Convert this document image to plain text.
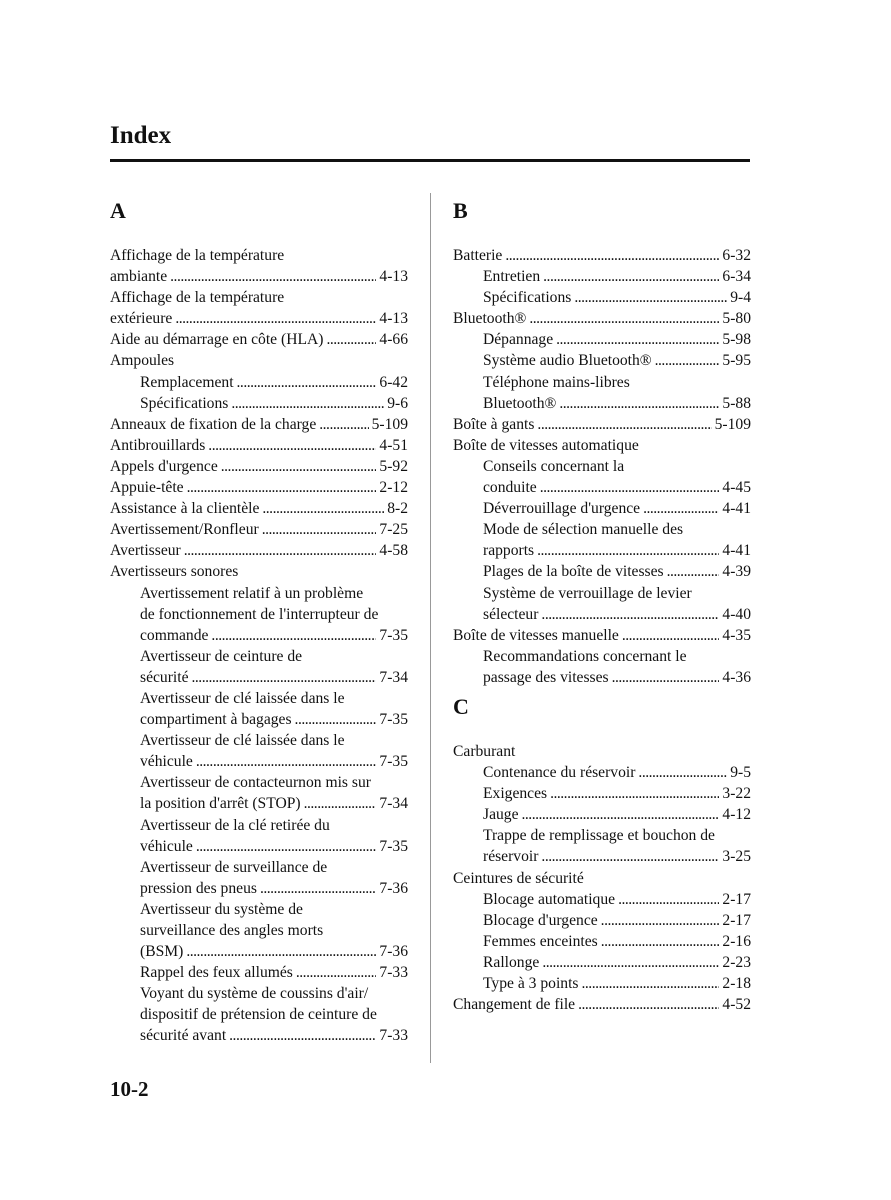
Index
A
Affichage de la température
ambiante . . .	4-13
Affichage de la température
extérieure . . .	4-13
Aide au démarrage en côte (HLA) . . .	4-66
Ampoules
Remplacement . . .	6-42
Spécifications . . .	9-6
Anneaux de fixation de la charge . . .	5-109
Antibrouillards . . .	4-51
Appels d'urgence . . .	5-92
Appuie-tête . . .	2-12
Assistance à la clientèle . . .	8-2
Avertissement/Ronfleur . . .	7-25
Avertisseur . . .	4-58
Avertisseurs sonores
Avertissement relatif à un problème
de fonctionnement de l'interrupteur de
commande . . .	7-35
Avertisseur de ceinture de
sécurité . . .	7-34
Avertisseur de clé laissée dans le
compartiment à bagages . . .	7-35
Avertisseur de clé laissée dans le
véhicule . . .	7-35
Avertisseur de contacteurnon mis sur
la position d'arrêt (STOP) . . .	7-34
Avertisseur de la clé retirée du
véhicule . . .	7-35
Avertisseur de surveillance de
pression des pneus . . .	7-36
Avertisseur du système de
surveillance des angles morts
(BSM) . . .	7-36
Rappel des feux allumés . . .	7-33
Voyant du système de coussins d'air/
dispositif de prétension de ceinture de
sécurité avant . . .	7-33
B
Batterie . . .	6-32
Entretien . . .	6-34
Spécifications . . .	9-4
Bluetooth® . . .	5-80
Dépannage . . .	5-98
Système audio Bluetooth® . . .	5-95
Téléphone mains-libres
Bluetooth® . . .	5-88
Boîte à gants . . .	5-109
Boîte de vitesses automatique
Conseils concernant la
conduite . . .	4-45
Déverrouillage d'urgence . . .	4-41
Mode de sélection manuelle des
rapports . . .	4-41
Plages de la boîte de vitesses . . .	4-39
Système de verrouillage de levier
sélecteur . . .	4-40
Boîte de vitesses manuelle . . .	4-35
Recommandations concernant le
passage des vitesses . . .	4-36
C
Carburant
Contenance du réservoir . . .	9-5
Exigences . . .	3-22
Jauge . . .	4-12
Trappe de remplissage et bouchon de
réservoir . . .	3-25
Ceintures de sécurité
Blocage automatique . . .	2-17
Blocage d'urgence . . .	2-17
Femmes enceintes . . .	2-16
Rallonge . . .	2-23
Type à 3 points . . .	2-18
Changement de file . . .	4-52
10-2
